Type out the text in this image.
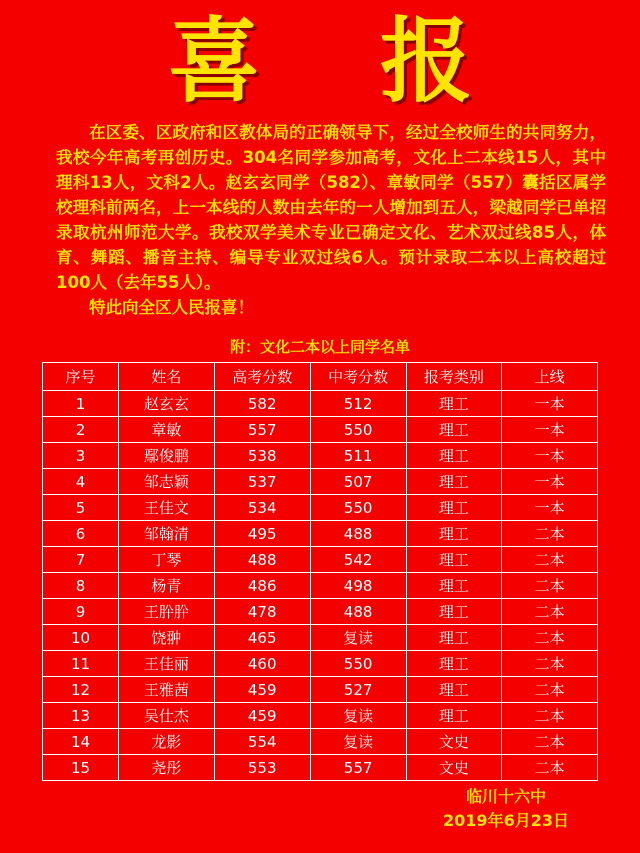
喜 报

在区委、区政府和区教体局的正确领导下，经过全校师生的共同努力，我校今年高考再创历史。304名同学参加高考，文化上二本线15人，其中理科13人，文科2人。赵玄玄同学（582）、章敏同学（557）囊括区属学校理科前两名，上一本线的人数由去年的一人增加到五人，梁越同学已单招录取杭州师范大学。我校双学美术专业已确定文化、艺术双过线85人，体育、舞蹈、播音主持、编导专业双过线6人。预计录取二本以上高校超过100人（去年55人）。

特此向全区人民报喜！

附：文化二本以上同学名单
序号	姓名	高考分数	中考分数	报考类别	上线
1	赵玄玄	582	512	理工	一本
2	章敏	557	550	理工	一本
3	鄢俊鹏	538	511	理工	一本
4	邹志颖	537	507	理工	一本
5	王佳文	534	550	理工	一本
6	邹翰清	495	488	理工	二本
7	丁琴	488	542	理工	二本
8	杨青	486	498	理工	二本
9	王肸肸	478	488	理工	二本
10	饶翀	465	复读	理工	二本
11	王佳丽	460	550	理工	二本
12	王雅茜	459	527	理工	二本
13	吴仕杰	459	复读	理工	二本
14	龙影	554	复读	文史	二本
15	尧彤	553	557	文史	二本
临川十六中
2019年6月23日
